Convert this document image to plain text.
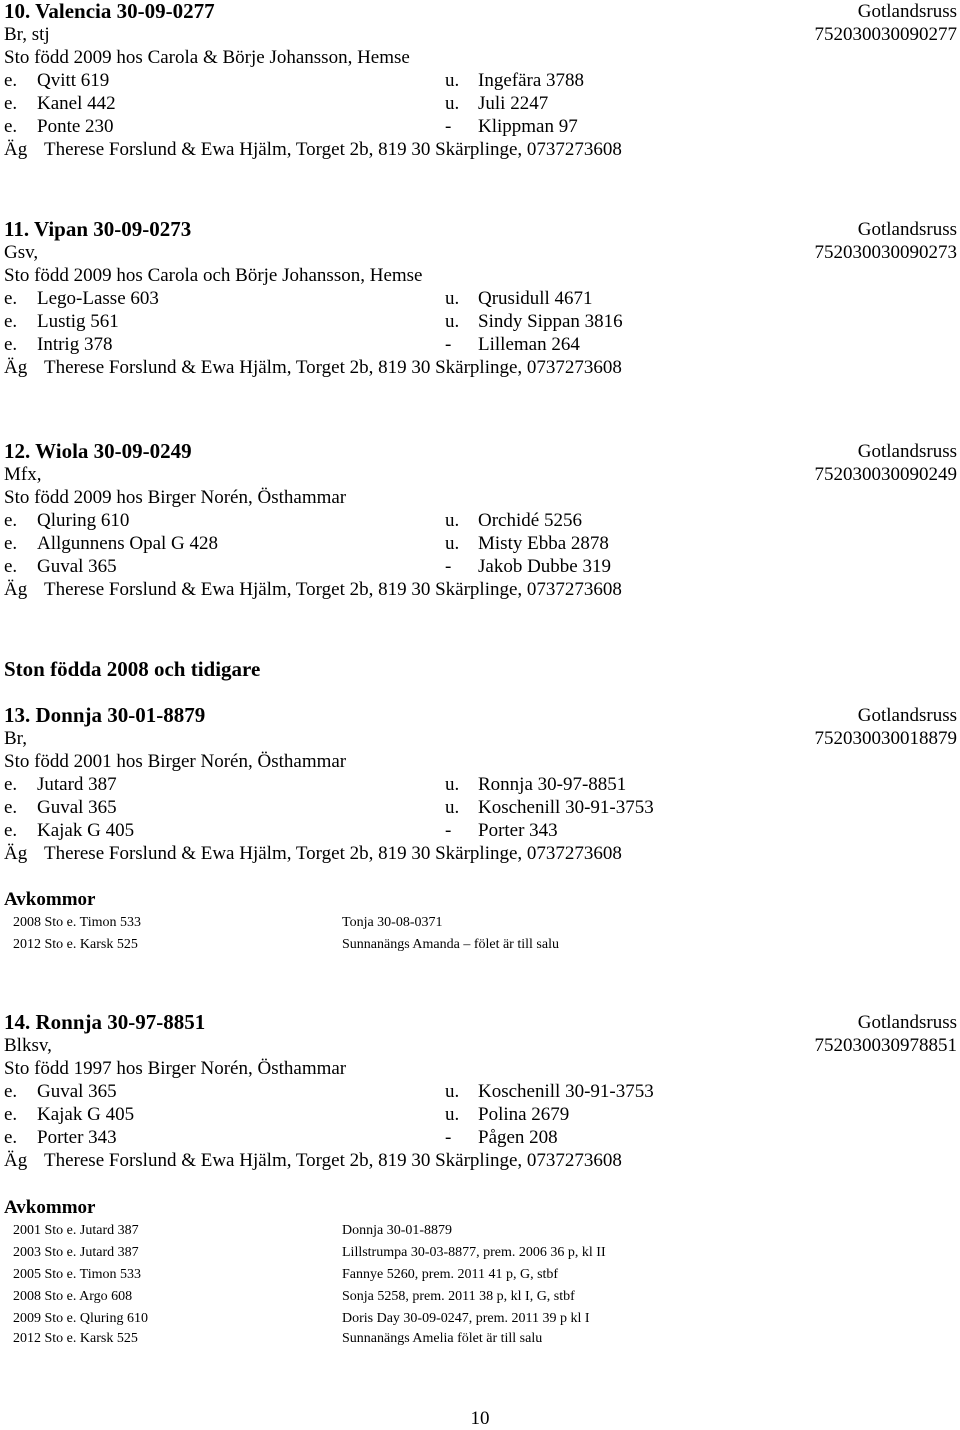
10. Valencia 30-09-0277	Gotlandsruss
Br, stj	752030030090277
Sto född 2009 hos Carola & Börje Johansson, Hemse
e. Qvitt 619	u. Ingefära 3788
e. Kanel 442	u. Juli 2247
e. Ponte 230	- Klippman 97
Äg Therese Forslund & Ewa Hjälm, Torget 2b, 819 30 Skärplinge, 0737273608
11. Vipan 30-09-0273	Gotlandsruss
Gsv,	752030030090273
Sto född 2009 hos Carola och Börje Johansson, Hemse
e. Lego-Lasse 603	u. Qrusidull 4671
e. Lustig 561	u. Sindy Sippan 3816
e. Intrig 378	- Lilleman 264
Äg Therese Forslund & Ewa Hjälm, Torget 2b, 819 30 Skärplinge, 0737273608
12. Wiola 30-09-0249	Gotlandsruss
Mfx,	752030030090249
Sto född 2009 hos Birger Norén, Östhammar
e. Qluring 610	u. Orchidé 5256
e. Allgunnens Opal G 428	u. Misty Ebba 2878
e. Guval 365	- Jakob Dubbe 319
Äg Therese Forslund & Ewa Hjälm, Torget 2b, 819 30 Skärplinge, 0737273608
Ston födda 2008 och tidigare
13. Donnja 30-01-8879	Gotlandsruss
Br,	752030030018879
Sto född 2001 hos Birger Norén, Östhammar
e. Jutard 387	u. Ronnja 30-97-8851
e. Guval 365	u. Koschenill 30-91-3753
e. Kajak G 405	- Porter 343
Äg Therese Forslund & Ewa Hjälm, Torget 2b, 819 30 Skärplinge, 0737273608
Avkommor
2008 Sto e. Timon 533	Tonja 30-08-0371
2012 Sto e. Karsk 525	Sunnanängs Amanda – fölet är till salu
14. Ronnja 30-97-8851	Gotlandsruss
Blksv,	752030030978851
Sto född 1997 hos Birger Norén, Östhammar
e. Guval 365	u. Koschenill 30-91-3753
e. Kajak G 405	u. Polina 2679
e. Porter 343	- Pågen 208
Äg Therese Forslund & Ewa Hjälm, Torget 2b, 819 30 Skärplinge, 0737273608
Avkommor
2001 Sto e. Jutard 387	Donnja 30-01-8879
2003 Sto e. Jutard 387	Lillstrumpa 30-03-8877, prem. 2006 36 p, kl II
2005 Sto e. Timon 533	Fannye 5260, prem. 2011 41 p, G, stbf
2008 Sto e. Argo 608	Sonja 5258, prem. 2011 38 p, kl I, G, stbf
2009 Sto e. Qluring 610	Doris Day 30-09-0247, prem. 2011 39 p kl I
2012 Sto e. Karsk 525	Sunnanängs Amelia fölet är till salu
10
